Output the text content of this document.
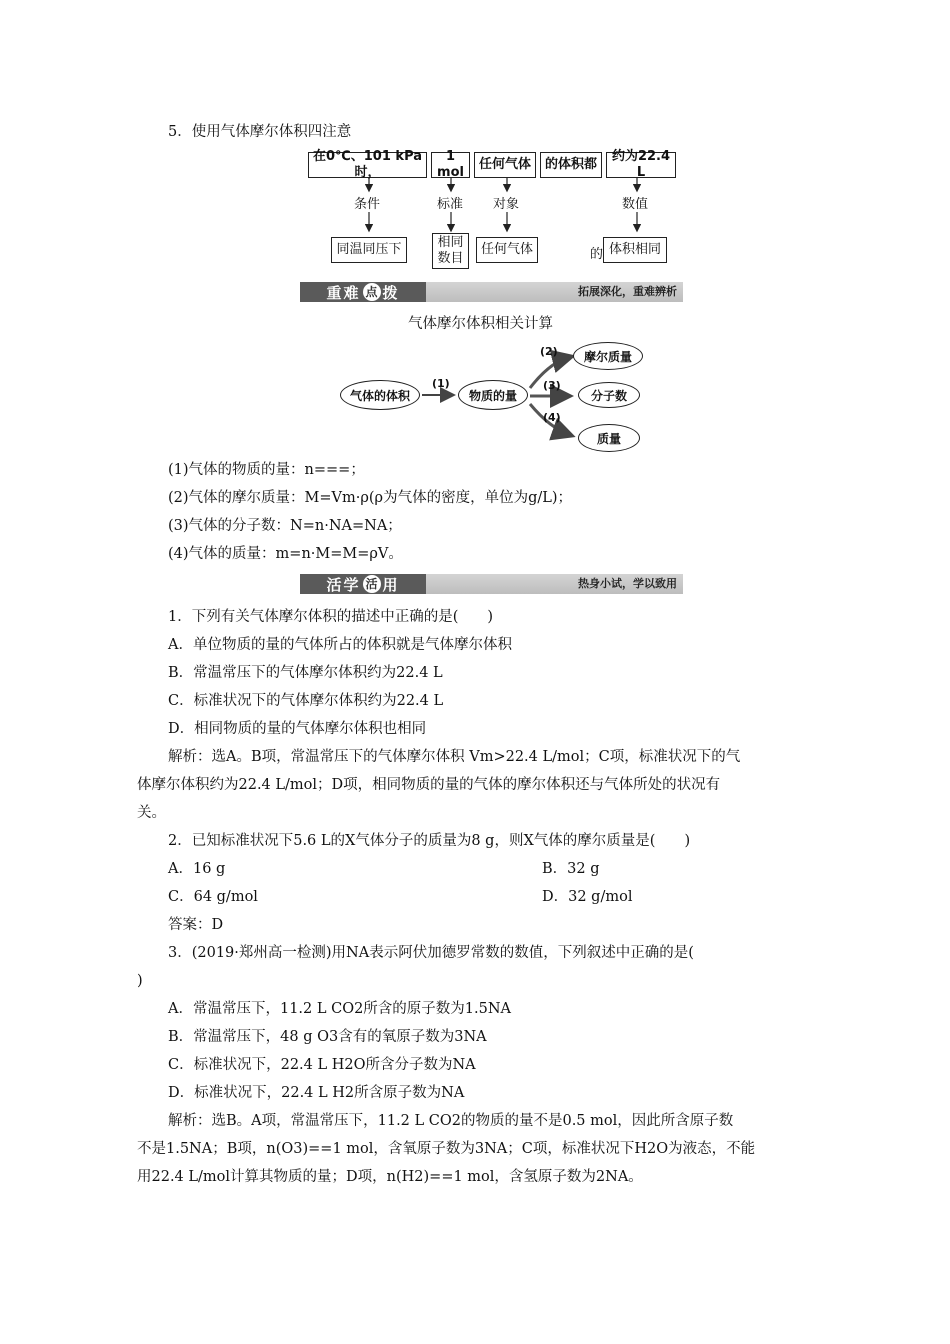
5．使用气体摩尔体积四注意
在0℃、101 kPa时，
1 mol
任何气体	的体积都
约为22.4 L
条件	标准 对象	数值
同温同压下	相同
数目
任何气体	的 体积相同
重难 点 拨	拓展深化，重难辨析
气体摩尔体积相关计算
气体的体积	物质的量
摩尔质量
分子数
质量
(1)
(2)
(3)
(4)
(1)气体的物质的量：n===；
(2)气体的摩尔质量：M=Vm·ρ(ρ为气体的密度，单位为g/L)；
(3)气体的分子数：N=n·NA=NA；
(4)气体的质量：m=n·M=M=ρV。
活学 活 用	热身小试，学以致用
1．下列有关气体摩尔体积的描述中正确的是(　　)
A．单位物质的量的气体所占的体积就是气体摩尔体积
B．常温常压下的气体摩尔体积约为22.4 L
C．标准状况下的气体摩尔体积约为22.4 L
D．相同物质的量的气体摩尔体积也相同
解析：选A。B项，常温常压下的气体摩尔体积 Vm>22.4 L/mol；C项，标准状况下的气
体摩尔体积约为22.4 L/mol；D项，相同物质的量的气体的摩尔体积还与气体所处的状况有
关。
2．已知标准状况下5.6 L的X气体分子的质量为8 g，则X气体的摩尔质量是(　　)
A．16 g	B．32 g
C．64 g/mol	D．32 g/mol
答案：D
3．(2019·郑州高一检测)用NA表示阿伏加德罗常数的数值，下列叙述中正确的是(
)
A．常温常压下，11.2 L CO2所含的原子数为1.5NA
B．常温常压下，48 g O3含有的氧原子数为3NA
C．标准状况下，22.4 L H2O所含分子数为NA
D．标准状况下，22.4 L H2所含原子数为NA
解析：选B。A项，常温常压下，11.2 L CO2的物质的量不是0.5 mol，因此所含原子数
不是1.5NA；B项，n(O3)==1 mol，含氧原子数为3NA；C项，标准状况下H2O为液态，不能
用22.4 L/mol计算其物质的量；D项，n(H2)==1 mol，含氢原子数为2NA。
